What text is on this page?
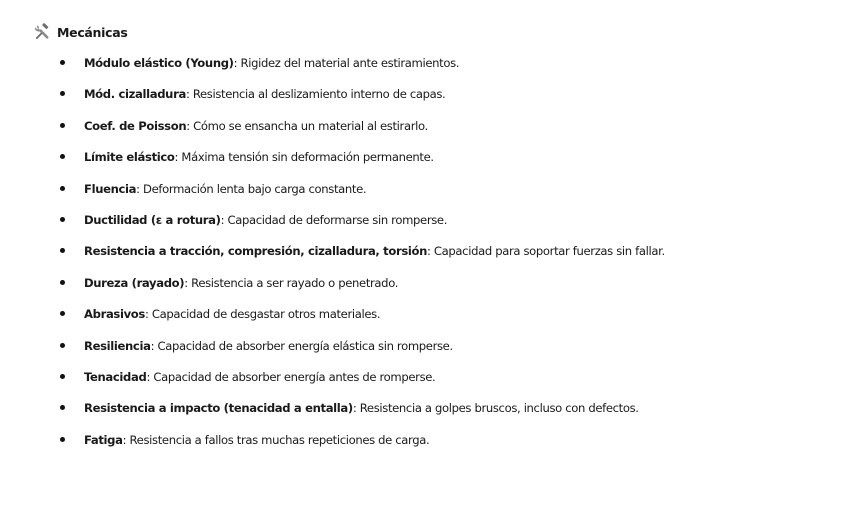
Mecánicas
Módulo elástico (Young): Rigidez del material ante estiramientos.
Mód. cizalladura: Resistencia al deslizamiento interno de capas.
Coef. de Poisson: Cómo se ensancha un material al estirarlo.
Límite elástico: Máxima tensión sin deformación permanente.
Fluencia: Deformación lenta bajo carga constante.
Ductilidad (ε a rotura): Capacidad de deformarse sin romperse.
Resistencia a tracción, compresión, cizalladura, torsión: Capacidad para soportar fuerzas sin fallar.
Dureza (rayado): Resistencia a ser rayado o penetrado.
Abrasivos: Capacidad de desgastar otros materiales.
Resiliencia: Capacidad de absorber energía elástica sin romperse.
Tenacidad: Capacidad de absorber energía antes de romperse.
Resistencia a impacto (tenacidad a entalla): Resistencia a golpes bruscos, incluso con defectos.
Fatiga: Resistencia a fallos tras muchas repeticiones de carga.
